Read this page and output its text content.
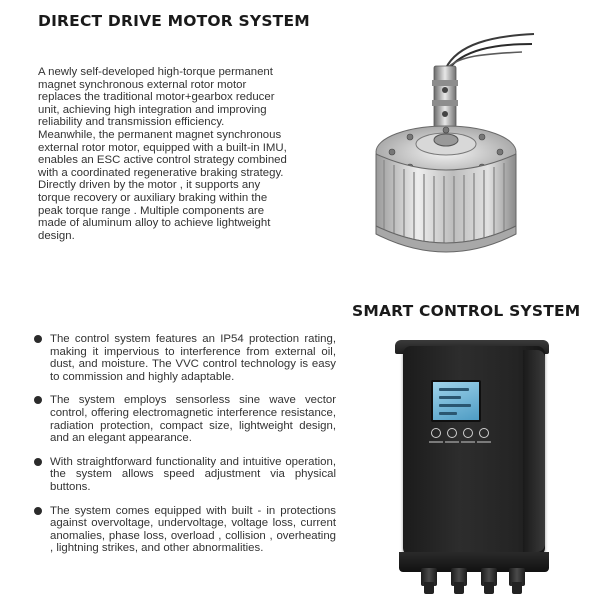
DIRECT DRIVE MOTOR SYSTEM

A newly self-developed high-torque permanent
magnet synchronous external rotor motor
replaces the traditional motor+gearbox reducer
unit, achieving high integration and improving
reliability and transmission efficiency.
Meanwhile, the permanent magnet synchronous
external rotor motor, equipped with a built-in IMU,
enables an ESC active control strategy combined
with a coordinated regenerative braking strategy.
Directly driven by the motor , it supports any
torque recovery or auxiliary braking within the
peak torque range . Multiple components are
made of aluminum alloy to achieve lightweight
design.

SMART CONTROL SYSTEM
The control system features an IP54 protection rating, making it impervious to interference from external oil, dust, and moisture. The VVC control technology is easy to commission and highly adaptable.
The system employs sensorless sine wave vector control, offering electromagnetic interference resistance, radiation protection, compact size, lightweight design, and an elegant appearance.
With straightforward functionality and intuitive operation, the system allows speed adjustment via physical buttons.
The system comes equipped with built - in protections against overvoltage, undervoltage, voltage loss, current anomalies, phase loss, overload , collision , overheating , lightning strikes, and other abnormalities.
